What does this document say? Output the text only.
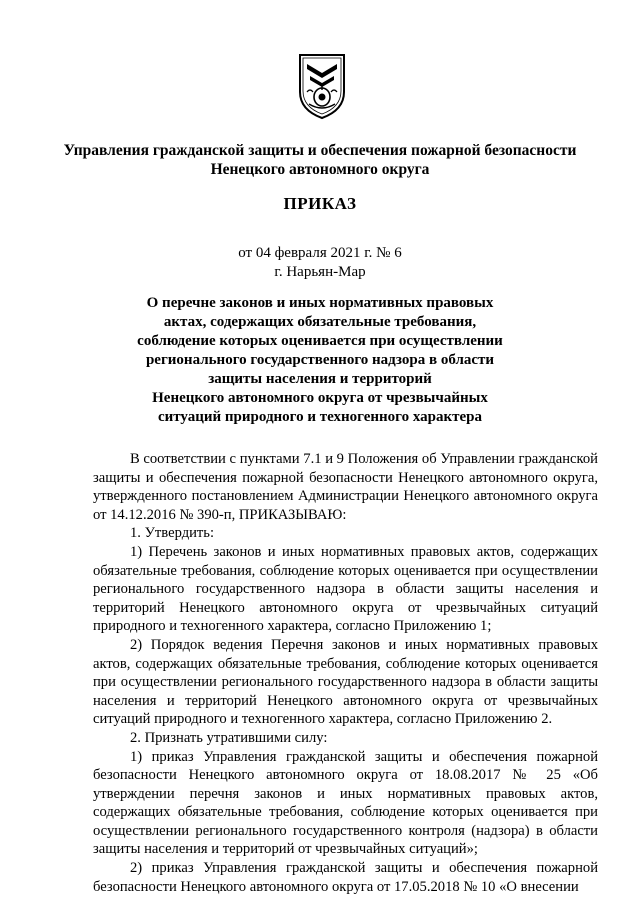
Управления гражданской защиты и обеспечения пожарной безопасности
Ненецкого автономного округа
ПРИКАЗ
от 04 февраля 2021 г. № 6
г. Нарьян-Мар
О перечне законов и иных нормативных правовых
актах, содержащих обязательные требования,
соблюдение которых оценивается при осуществлении
регионального государственного надзора в области
защиты населения и территорий
Ненецкого автономного округа от чрезвычайных
ситуаций природного и техногенного характера

В соответствии с пунктами 7.1 и 9 Положения об Управлении гражданской защиты и обеспечения пожарной безопасности Ненецкого автономного округа, утвержденного постановлением Администрации Ненецкого автономного округа от 14.12.2016 № 390-п, ПРИКАЗЫВАЮ:

1. Утвердить:

1) Перечень законов и иных нормативных правовых актов, содержащих обязательные требования, соблюдение которых оценивается при осуществлении регионального государственного надзора в области защиты населения и территорий Ненецкого автономного округа от чрезвычайных ситуаций природного и техногенного характера, согласно Приложению 1;

2) Порядок ведения Перечня законов и иных нормативных правовых актов, содержащих обязательные требования, соблюдение которых оценивается при осуществлении регионального государственного надзора в области защиты населения и территорий Ненецкого автономного округа от чрезвычайных ситуаций природного и техногенного характера, согласно Приложению 2.

2. Признать утратившими силу:

1) приказ Управления гражданской защиты и обеспечения пожарной безопасности Ненецкого автономного округа от 18.08.2017 № 25 «Об утверждении перечня законов и иных нормативных правовых актов, содержащих обязательные требования, соблюдение которых оценивается при осуществлении регионального государственного контроля (надзора) в области защиты населения и территорий от чрезвычайных ситуаций»;

2) приказ Управления гражданской защиты и обеспечения пожарной безопасности Ненецкого автономного округа от 17.05.2018 № 10 «О внесении
